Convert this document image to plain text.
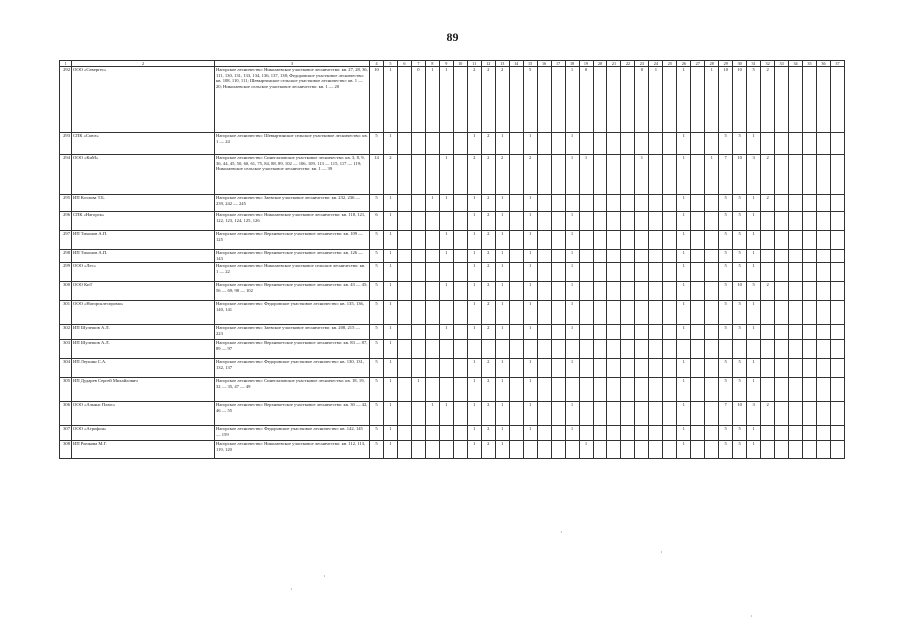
89
1	2	3	4	5	6	7	8	9	10	11	12	13	14	15	16	17	18	19	20	21	22	23	24	25	26	27	28	29	30	31	32	33	34	35	36	37
292	ООО «Севергес»	Нагорское лесничество: Николаевское участковое лесничество: кв. 27, 28, 36, 111, 130, 131, 133, 134, 136, 137, 138; Федоровское участковое лесничество: кв. 108, 110, 111; Шевыртинское сельское участковое лесничество: кв. 1 — 20; Николаевское сельское участковое лесничество: кв. 1 — 20	10	1		0	1	1		2	2	2		5			1	0				0	1		1		1	10	10	5	2					
293	СПК «Союз»	Нагорское лесничество: Шевыртинское сельское участковое лесничество: кв. 1 — 24	5	1						1	2	1		1			1								1			5	5	1						
294	ООО «КиМ»	Нагорское лесничество: Синеглазовское участковое лесничество: кв. 3, 8, 9, 36, 44, 45, 50, 60, 61, 75, 84, 88, 89, 102 — 106, 109, 113 — 115, 117 — 119; Николаевское сельское участковое лесничество: кв. 1 — 39	14	2				1		2	2	2		2			1	1				1			1		1	7	10	3	2					
295	ИП Козлова Т.Б.	Нагорское лесничество: Заевское участковое лесничество: кв. 232, 236 — 239, 242 — 245	5	1			1	1		1	2	1		1											1			5	5	1	2					
296	СПК «Нагорск»	Нагорское лесничество: Николаевское участковое лесничество: кв. 118, 121, 122, 123, 124, 125, 126	6	1						1	2	1		1			1								1			5	5	1						
297	ИП Тихонов А.П.	Нагорское лесничество: Верхнекетское участковое лесничество: кв. 109 — 125	5	1				1		1	2	1		1			1								1			5	5	1						
298	ИП Тихонов А.П.	Нагорское лесничество: Верхнекетское участковое лесничество: кв. 126 — 143	5	1				1		1	2	1		1			1								1			5	5	1						
299	ООО «Лес»	Нагорское лесничество: Николаевское участковое сельское лесничество: кв. 1 — 22	5	1						1	2	1		1			1								1			5	5	1						
300	ООО КиТ	Нагорское лесничество: Верхнекетское участковое лесничество: кв. 43 — 45; 56 — 69; 98 — 102	5	1				1		1	2	1		1			1								1			5	10	5	2					
301	ООО «Нагорсклеспромо»	Нагорское лесничество: Федоровское участковое лесничество: кв. 135, 136, 140, 141	5	1						1	2	1		1			1								1			5	5	1						
302	ИП Шулешов А.Л.	Нагорское лесничество: Заевское участковое лесничество: кв. 208, 215 — 223	5	1				1		1	2	1		1			1								1			5	5	1						
303	ИП Шулешов А.Л.	Нагорское лесничество: Верхнекетское участковое лесничество: кв. 83 — 87, 89 — 97	5	1																																
304	ИП Леушин С.А.	Нагорское лесничество: Федоровское участковое лесничество: кв. 130, 131, 132, 137	5	1						1	2	1		1			1								1			5	5	1						
305	ИП Дударев Сергей Михайлович	Нагорское лесничество: Синеглазовское участковое лесничество: кв. 18, 19, 32 — 35, 47 — 49	5	1		1				1	2	1		1											1			5	5	1						
306	ООО «Альянс Плюс»	Нагорское лесничество: Верхнекетское участковое лесничество: кв. 30 — 42, 46 — 55	5	1			1	1		1	2	1		1			1								1			7	10	3	2					
307	ООО «Агрофон»	Нагорское лесничество: Федоровское участковое лесничество: кв. 142, 145 — 159	5	1						1	2	1		1			1								1			5	5	1						
308	ИП Рычкова М.Г.	Нагорское лесничество: Николаевское участковое лесничество: кв. 112, 113, 119, 120	5	1						1	2	1						1							1			5	5	1						
·
·
·
·
·
